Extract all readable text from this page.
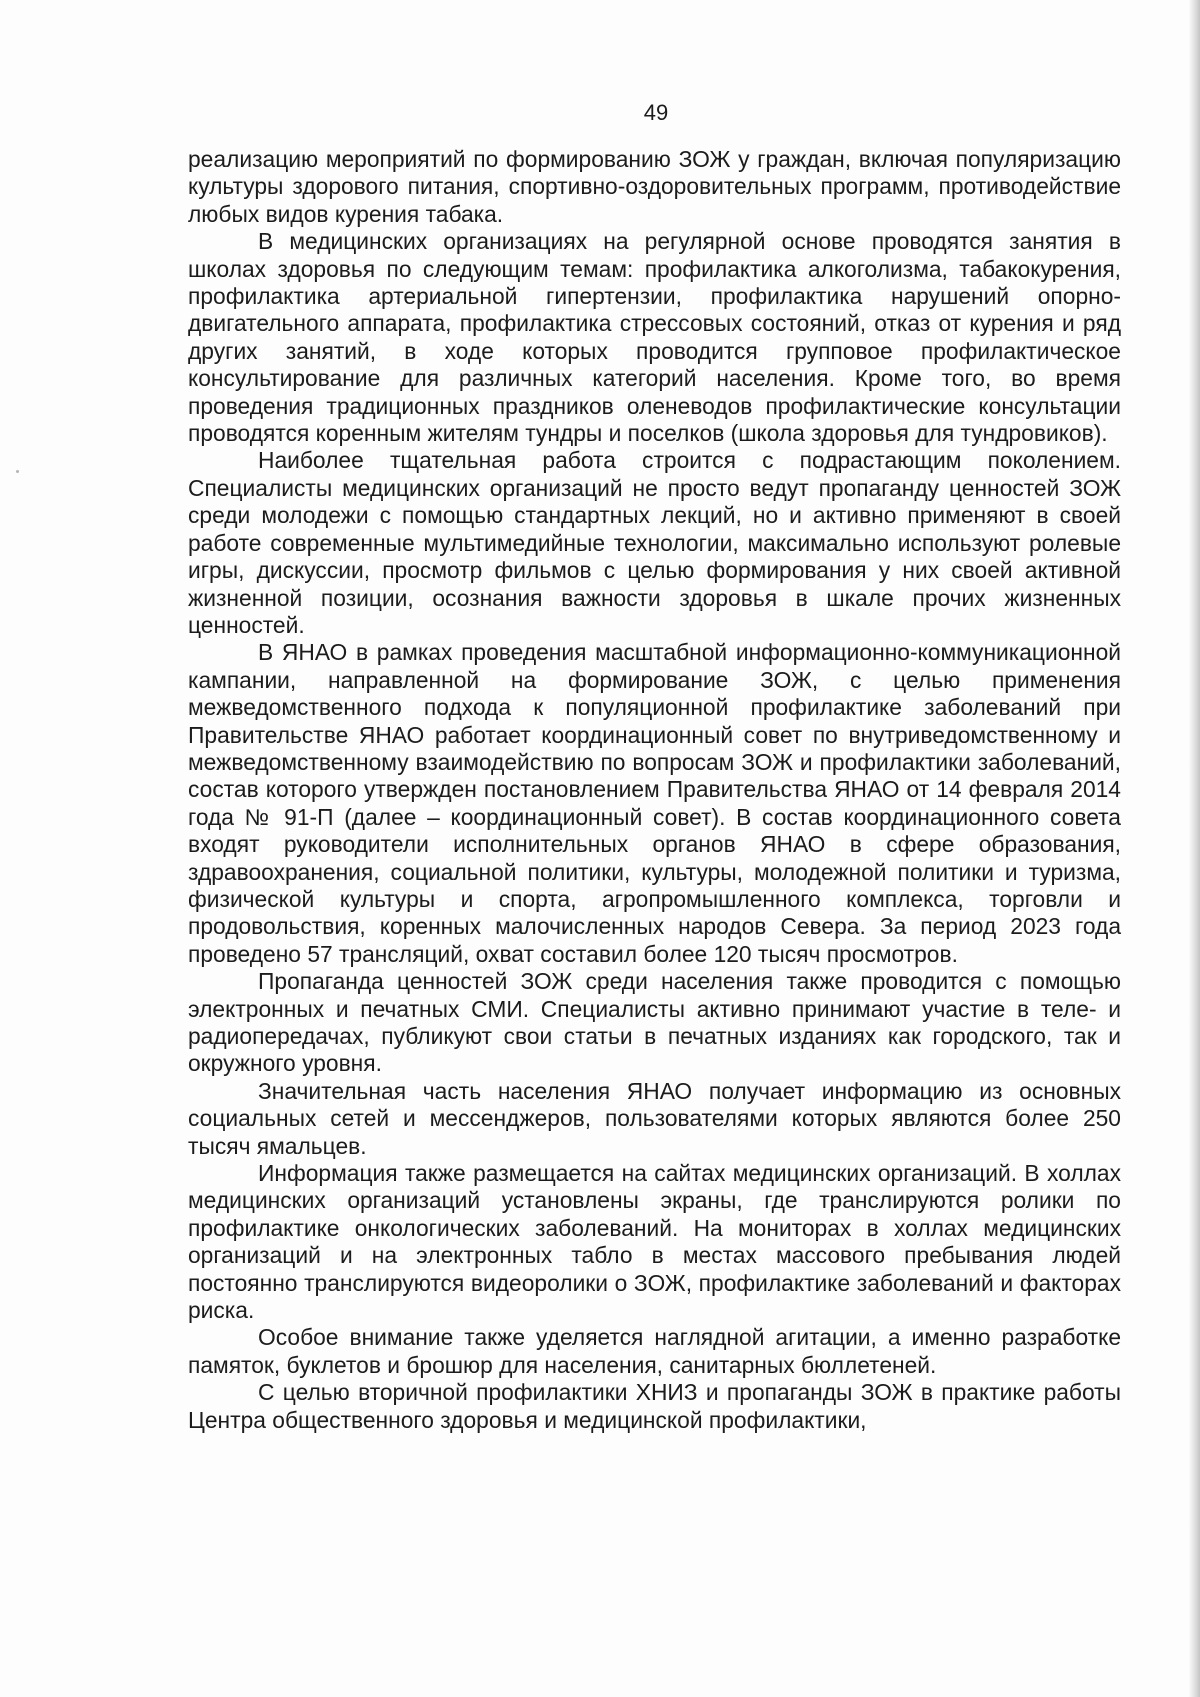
49

реализацию мероприятий по формированию ЗОЖ у граждан, включая популяризацию культуры здорового питания, спортивно-оздоровительных программ, противодействие любых видов курения табака.

В медицинских организациях на регулярной основе проводятся занятия в школах здоровья по следующим темам: профилактика алкоголизма, табакокурения, профилактика артериальной гипертензии, профилактика нарушений опорно-двигательного аппарата, профилактика стрессовых состояний, отказ от курения и ряд других занятий, в ходе которых проводится групповое профилактическое консультирование для различных категорий населения. Кроме того, во время проведения традиционных праздников оленеводов профилактические консультации проводятся коренным жителям тундры и поселков (школа здоровья для тундровиков).

Наиболее тщательная работа строится с подрастающим поколением. Специалисты медицинских организаций не просто ведут пропаганду ценностей ЗОЖ среди молодежи с помощью стандартных лекций, но и активно применяют в своей работе современные мультимедийные технологии, максимально используют ролевые игры, дискуссии, просмотр фильмов с целью формирования у них своей активной жизненной позиции, осознания важности здоровья в шкале прочих жизненных ценностей.

В ЯНАО в рамках проведения масштабной информационно-коммуникационной кампании, направленной на формирование ЗОЖ, с целью применения межведомственного подхода к популяционной профилактике заболеваний при Правительстве ЯНАО работает координационный совет по внутриведомственному и межведомственному взаимодействию по вопросам ЗОЖ и профилактики заболеваний, состав которого утвержден постановлением Правительства ЯНАО от 14 февраля 2014 года № 91-П (далее – координационный совет). В состав координационного совета входят руководители исполнительных органов ЯНАО в сфере образования, здравоохранения, социальной политики, культуры, молодежной политики и туризма, физической культуры и спорта, агропромышленного комплекса, торговли и продовольствия, коренных малочисленных народов Севера. За период 2023 года проведено 57 трансляций, охват составил более 120 тысяч просмотров.

Пропаганда ценностей ЗОЖ среди населения также проводится с помощью электронных и печатных СМИ. Специалисты активно принимают участие в теле- и радиопередачах, публикуют свои статьи в печатных изданиях как городского, так и окружного уровня.

Значительная часть населения ЯНАО получает информацию из основных социальных сетей и мессенджеров, пользователями которых являются более 250 тысяч ямальцев.

Информация также размещается на сайтах медицинских организаций. В холлах медицинских организаций установлены экраны, где транслируются ролики по профилактике онкологических заболеваний. На мониторах в холлах медицинских организаций и на электронных табло в местах массового пребывания людей постоянно транслируются видеоролики о ЗОЖ, профилактике заболеваний и факторах риска.

Особое внимание также уделяется наглядной агитации, а именно разработке памяток, буклетов и брошюр для населения, санитарных бюллетеней.

С целью вторичной профилактики ХНИЗ и пропаганды ЗОЖ в практике работы Центра общественного здоровья и медицинской профилактики,
